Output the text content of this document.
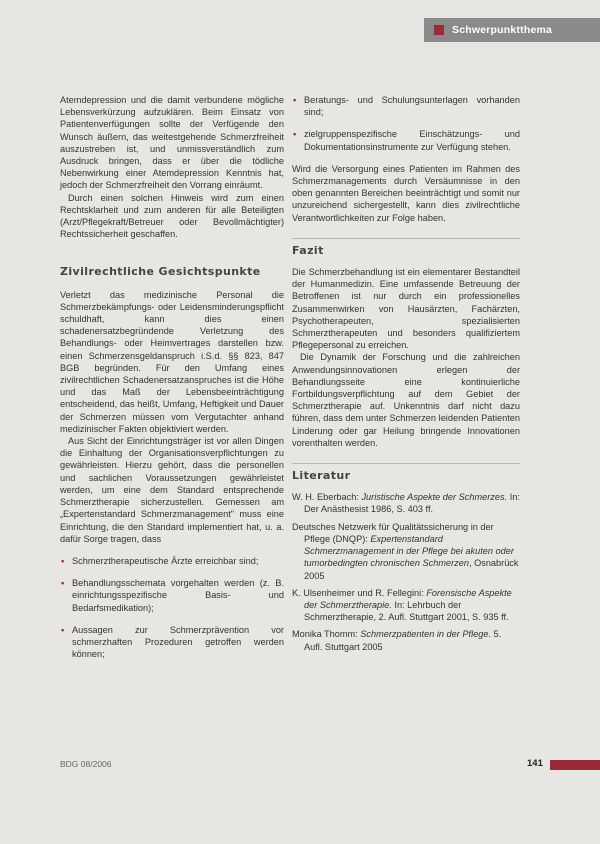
Schwerpunktthema

Atemdepression und die damit verbundene mögliche Lebensverkürzung aufzuklären. Beim Einsatz von Patientenverfügungen sollte der Verfügende den Wunsch äußern, das weitestgehende Schmerzfreiheit auszustreben ist, und unmissverständlich zum Ausdruck bringen, dass er über die tödliche Nebenwirkung einer Atemdepression Kenntnis hat, jedoch der Schmerzfreiheit den Vorrang einräumt.

Durch einen solchen Hinweis wird zum einen Rechtsklarheit und zum anderen für alle Beteiligten (Arzt/Pflegekraft/Betreuer oder Bevollmächtigter) Rechtssicherheit geschaffen.

Zivilrechtliche Gesichtspunkte

Verletzt das medizinische Personal die Schmerzbekämpfungs- oder Leidensminderungspflicht schuldhaft, kann dies einen schadenersatzbegründende Verletzung des Behandlungs- oder Heimvertrages darstellen bzw. einen Schmerzensgeldanspruch i.S.d. §§ 823, 847 BGB begründen. Für den Umfang eines zivilrechtlichen Schadenersatzanspruches ist die Höhe und das Maß der Lebensbeeinträchtigung entscheidend, das heißt, Umfang, Heftigkeit und Dauer der Schmerzen müssen vom Vergutachter anhand medizinischer Fakten objektiviert werden.

Aus Sicht der Einrichtungsträger ist vor allen Dingen die Einhaltung der Organisationsverpflichtungen zu gewährleisten. Hierzu gehört, dass die personellen und sachlichen Voraussetzungen gewährleistet werden, um eine dem Standard entsprechende Schmerztherapie sicherzustellen. Gemessen am „Expertenstandard Schmerzmanagement" muss eine Einrichtung, die den Standard implementiert hat, u. a. dafür Sorge tragen, dass

• Schmerztherapeutische Ärzte erreichbar sind;
• Behandlungsschemata vorgehalten werden (z. B. einrichtungsspezifische Basis- und Bedarfsmedikation);
• Aussagen zur Schmerzprävention vor schmerzhaften Prozeduren getroffen werden können;
• Beratungs- und Schulungsunterlagen vorhanden sind;
• zielgruppenspezifische Einschätzungs- und Dokumentationsinstrumente zur Verfügung stehen.

Wird die Versorgung eines Patienten im Rahmen des Schmerzmanagements durch Versäumnisse in den oben genannten Bereichen beeinträchtigt und somit nur unzureichend sichergestellt, kann dies zivilrechtliche Verantwortlichkeiten zur Folge haben.

Fazit

Die Schmerzbehandlung ist ein elementarer Bestandteil der Humanmedizin. Eine umfassende Betreuung der Betroffenen ist nur durch ein professionelles Zusammenwirken von Hausärzten, Fachärzten, Psychotherapeuten, spezialisierten Schmerztherapeuten und besonders qualifiziertem Pflegepersonal zu erreichen.

Die Dynamik der Forschung und die zahlreichen Anwendungsinnovationen erlegen der Behandlungsseite eine kontinuierliche Fortbildungsverpflichtung auf dem Gebiet der Schmerztherapie auf. Unkenntnis darf nicht dazu führen, dass dem unter Schmerzen leidenden Patienten Linderung oder gar Heilung bringende Innovationen vorenthalten werden.

Literatur

W. H. Eberbach: Juristische Aspekte der Schmerzes. In: Der Anästhesist 1986, S. 403 ff.

Deutsches Netzwerk für Qualitätssicherung in der Pflege (DNQP): Expertenstandard Schmerzmanagement in der Pflege bei akuten oder tumorbedingten chronischen Schmerzen, Osnabrück 2005

K. Ulsenheimer und R. Fellegini: Forensische Aspekte der Schmerztherapie. In: Lehrbuch der Schmerztherapie, 2. Aufl. Stuttgart 2001, S. 935 ff.

Monika Thomm: Schmerzpatienten in der Pflege. 5. Aufl. Stuttgart 2005

BDG 08/2006	141
